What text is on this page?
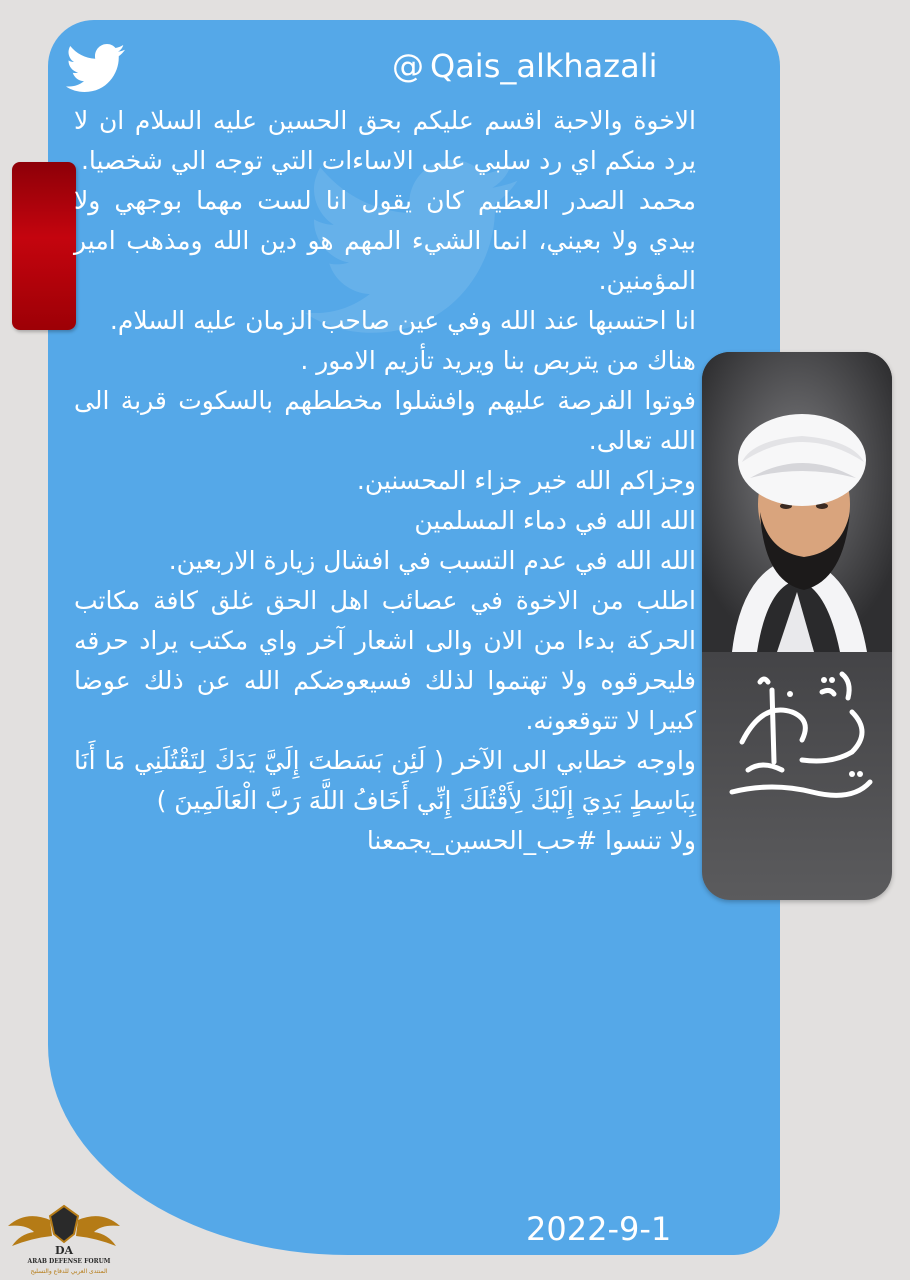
@ Qais_alkhazali

الاخوة والاحبة اقسم عليكم بحق الحسين عليه السلام ان لا يرد منكم اي رد سلبي على الاساءات التي توجه الي شخصيا.

محمد الصدر العظيم كان يقول انا لست مهما بوجهي ولا بيدي ولا بعيني، انما الشيء المهم هو دين الله ومذهب امير المؤمنين.

انا احتسبها عند الله وفي عين صاحب الزمان عليه السلام.

هناك من يتربص بنا ويريد تأزيم الامور .

فوتوا الفرصة عليهم وافشلوا مخططهم بالسكوت قربة الى الله تعالى.

وجزاكم الله خير جزاء المحسنين.

الله الله في دماء المسلمين

الله الله في عدم التسبب في افشال زيارة الاربعين.

اطلب من الاخوة في عصائب اهل الحق غلق كافة مكاتب الحركة بدءا من الان والى اشعار آخر واي مكتب يراد حرقه فليحرقوه ولا تهتموا لذلك فسيعوضكم الله عن ذلك عوضا كبيرا لا تتوقعونه.

واوجه خطابي الى الآخر ( لَئِن بَسَطتَ إِلَيَّ يَدَكَ لِتَقْتُلَنِي مَا أَنَا بِبَاسِطٍ يَدِيَ إِلَيْكَ لِأَقْتُلَكَ إِنِّي أَخَافُ اللَّهَ رَبَّ الْعَالَمِينَ )

ولا تنسوا #حب_الحسين_يجمعنا

2022-9-1
DA
ARAB DEFENSE FORUM
المنتدى العربي للدفاع والتسليح
